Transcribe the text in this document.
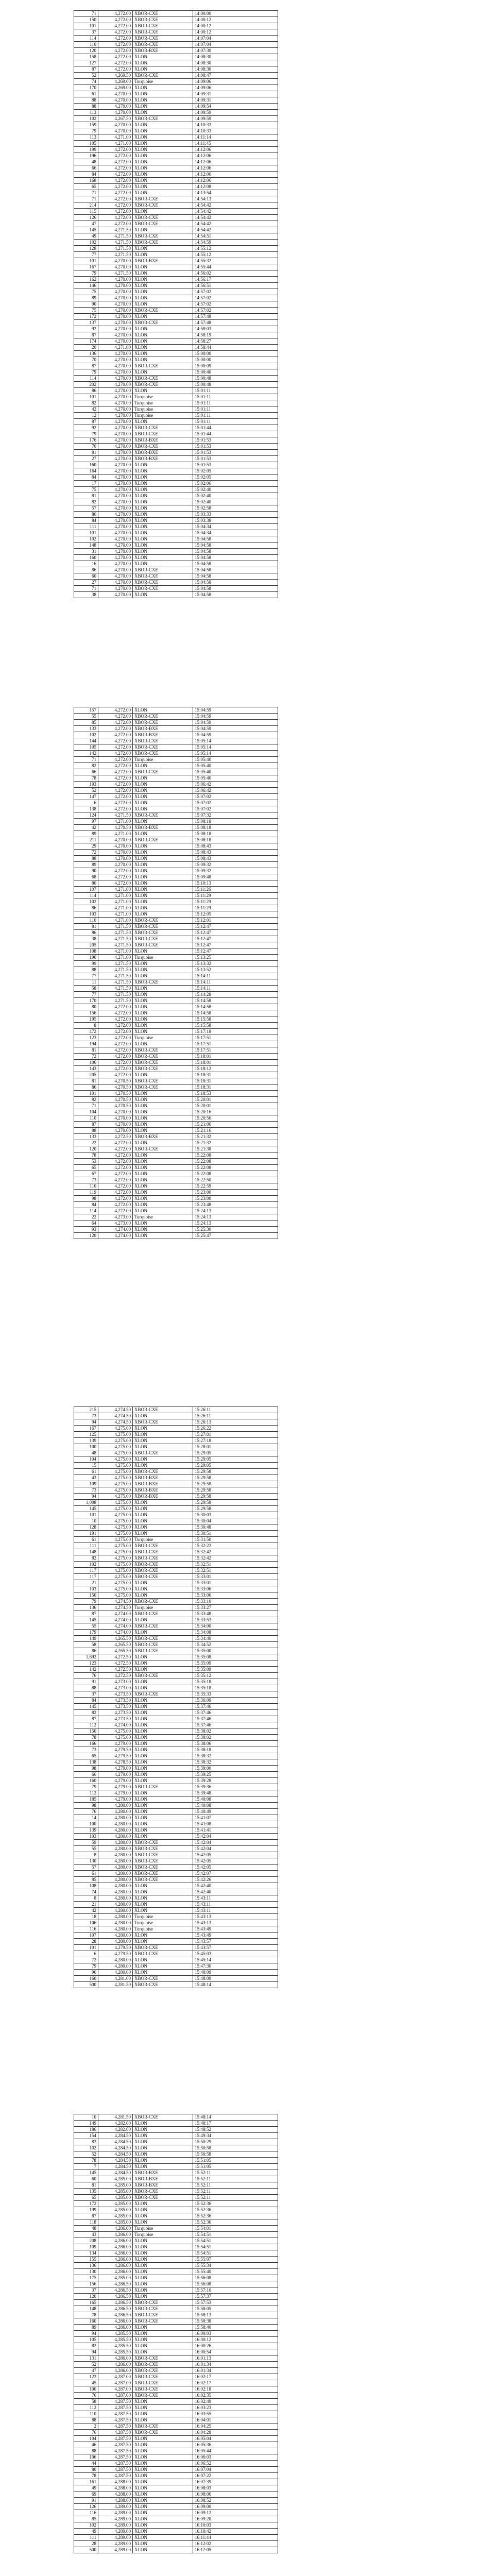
71	4,272.00	XBOR-CXE	14:00:00
150	4,272.00	XBOR-CXE	14:00:12
101	4,272.00	XBOR-CXE	14:00:12
37	4,272.00	XBOR-CXE	14:00:12
114	4,272.00	XBOR-CXE	14:07:04
110	4,272.00	XBOR-CXE	14:07:04
120	4,272.00	XBOR-BXE	14:07:30
158	4,272.00	XLON	14:08:30
127	4,272.00	XLON	14:08:30
87	4,272.00	XLON	14:08:30
52	4,269.50	XBOR-CXE	14:08:47
74	4,269.00	Turquoise	14:09:06
170	4,269.00	XLON	14:09:06
61	4,270.00	XLON	14:09:31
88	4,270.00	XLON	14:09:31
88	4,270.00	XLON	14:09:54
113	4,270.00	XLON	14:09:59
102	4,267.50	XBOR-CXE	14:09:59
159	4,270.00	XLON	14:10:33
79	4,270.00	XLON	14:10:33
113	4,271.00	XLON	14:11:14
105	4,271.00	XLON	14:11:45
199	4,272.00	XLON	14:12:06
196	4,272.00	XLON	14:12:06
48	4,272.00	XLON	14:12:06
66	4,272.00	XLON	14:12:06
84	4,272.00	XLON	14:12:06
168	4,272.00	XLON	14:12:06
65	4,272.00	XLON	14:12:08
71	4,272.00	XLON	14:13:54
71	4,272.00	XBOR-CXE	14:54:13
214	4,272.00	XBOR-CXE	14:54:42
115	4,272.00	XLON	14:54:42
126	4,272.00	XBOR-CXE	14:54:42
47	4,272.00	XBOR-CXE	14:54:42
145	4,271.50	XLON	14:54:42
49	4,271.50	XBOR-CXE	14:54:51
102	4,271.50	XBOR-CXE	14:54:59
128	4,271.50	XLON	14:55:12
77	4,271.50	XLON	14:55:12
101	4,270.00	XBOR-BXE	14:55:32
167	4,270.00	XLON	14:55:44
79	4,271.50	XLON	14:56:02
162	4,270.00	XLON	14:56:17
146	4,270.00	XLON	14:56:51
75	4,270.00	XLON	14:57:02
89	4,270.00	XLON	14:57:02
90	4,270.00	XLON	14:57:02
75	4,270.00	XBOR-CXE	14:57:02
172	4,270.00	XLON	14:57:48
137	4,270.00	XBOR-CXE	14:57:48
92	4,270.00	XLON	14:58:03
87	4,270.00	XLON	14:58:19
174	4,270.00	XLON	14:58:27
20	4,271.00	XLON	14:58:44
136	4,270.00	XLON	15:00:00
70	4,270.00	XLON	15:00:00
87	4,270.00	XBOR-CXE	15:00:09
79	4,270.00	XLON	15:00:40
114	4,270.00	XBOR-CXE	15:00:48
202	4,270.00	XBOR-CXE	15:00:48
86	4,270.00	XLON	15:01:11
101	4,270.00	Turquoise	15:01:11
82	4,270.00	Turquoise	15:01:11
42	4,270.00	Turquoise	15:01:11
12	4,270.00	Turquoise	15:01:11
87	4,270.00	XLON	15:01:11
92	4,270.00	XBOR-CXE	15:01:44
79	4,270.00	XBOR-CXE	15:01:44
176	4,270.00	XBOR-BXE	15:01:53
70	4,270.00	XBOR-CXE	15:01:53
81	4,270.00	XBOR-BXE	15:01:53
27	4,270.00	XBOR-BXE	15:01:53
160	4,270.00	XLON	15:01:53
164	4,270.00	XLON	15:02:05
84	4,270.00	XLON	15:02:05
17	4,270.00	XLON	15:02:06
75	4,270.00	XLON	15:02:40
81	4,270.00	XLON	15:02:40
82	4,270.00	XLON	15:02:40
57	4,270.00	XLON	15:02:58
86	4,270.00	XLON	15:03:33
84	4,270.00	XLON	15:03:38
111	4,270.00	XLON	15:04:34
101	4,270.00	XLON	15:04:34
102	4,270.00	XLON	15:04:58
148	4,270.00	XLON	15:04:58
31	4,270.00	XLON	15:04:58
160	4,270.00	XLON	15:04:58
16	4,270.00	XLON	15:04:58
86	4,270.00	XBOR-CXE	15:04:58
60	4,270.00	XBOR-CXE	15:04:58
27	4,270.00	XBOR-CXE	15:04:58
71	4,270.00	XBOR-CXE	15:04:58
38	4,270.00	XLON	15:04:58
157	4,272.00	XLON	15:04:59
55	4,272.00	XBOR-CXE	15:04:59
85	4,272.00	XBOR-CXE	15:04:59
133	4,272.00	XBOR-BXE	15:04:59
102	4,272.00	XBOR-BXE	15:04:59
144	4,272.00	XBOR-CXE	15:05:14
105	4,272.00	XBOR-CXE	15:05:14
142	4,272.00	XBOR-CXE	15:05:14
71	4,272.00	Turquoise	15:05:40
82	4,272.00	XLON	15:05:40
66	4,272.00	XBOR-CXE	15:05:40
78	4,272.00	XLON	15:05:40
193	4,272.00	XLON	15:06:42
52	4,272.00	XLON	15:06:42
147	4,272.00	XLON	15:07:02
6	4,272.00	XLON	15:07:02
138	4,272.00	XLON	15:07:02
124	4,271.50	XBOR-CXE	15:07:32
97	4,271.00	XLON	15:08:18
42	4,270.50	XBOR-BXE	15:08:18
89	4,271.00	XLON	15:08:18
211	4,270.00	XBOR-CXE	15:08:18
29	4,270.00	XLON	15:08:43
72	4,270.00	XLON	15:08:43
88	4,270.00	XLON	15:08:43
89	4,270.00	XLON	15:09:32
90	4,272.00	XLON	15:09:32
68	4,272.00	XLON	15:09:48
80	4,272.00	XLON	15:10:13
107	4,271.00	XLON	15:11:26
114	4,271.00	XLON	15:11:29
102	4,271.00	XLON	15:11:29
86	4,271.00	XLON	15:11:29
103	4,271.00	XLON	15:12:05
110	4,271.00	XBOR-CXE	15:12:01
81	4,271.50	XBOR-CXE	15:12:47
86	4,271.50	XBOR-CXE	15:12:47
38	4,271.50	XBOR-CXE	15:12:47
205	4,271.50	XBOR-CXE	15:12:47
108	4,271.00	XLON	15:12:47
190	4,271.00	Turquoise	15:13:25
99	4,271.50	XLON	15:13:32
88	4,271.50	XLON	15:13:52
77	4,271.50	XLON	15:14:11
11	4,271.50	XBOR-CXE	15:14:11
58	4,271.50	XLON	15:14:11
77	4,271.50	XLON	15:14:28
170	4,271.50	XLON	15:14:58
80	4,272.00	XLON	15:14:58
156	4,272.00	XLON	15:14:58
195	4,272.00	XLON	15:15:58
8	4,272.00	XLON	15:15:58
472	4,272.00	XLON	15:17:18
123	4,272.00	Turquoise	15:17:51
194	4,272.00	XLON	15:17:51
81	4,272.00	XBOR-CXE	15:17:51
72	4,272.00	XBOR-CXE	15:18:01
106	4,272.00	XBOR-CXE	15:18:01
143	4,272.00	XBOR-CXE	15:18:12
205	4,272.00	XLON	15:18:31
81	4,270.50	XBOR-CXE	15:18:31
86	4,270.50	XBOR-CXE	15:18:31
101	4,270.50	XLON	15:18:53
82	4,270.50	XLON	15:20:01
71	4,270.50	XLON	15:20:01
104	4,270.00	XLON	15:20:16
110	4,270.00	XLON	15:20:56
87	4,270.00	XLON	15:21:06
88	4,270.00	XLON	15:21:16
133	4,272.50	XBOR-BXE	15:21:32
22	4,272.00	XLON	15:21:32
120	4,272.00	XBOR-CXE	15:21:38
78	4,272.00	XLON	15:22:08
53	4,272.00	XLON	15:22:08
65	4,272.00	XLON	15:22:08
67	4,272.00	XLON	15:22:08
73	4,272.00	XLON	15:22:50
110	4,272.00	XLON	15:22:59
119	4,272.00	XLON	15:23:00
98	4,272.00	XLON	15:23:00
84	4,272.00	XLON	15:23:48
114	4,272.00	XLON	15:24:13
22	4,273.00	Turquoise	15:24:13
64	4,273.00	XLON	15:24:13
93	4,274.00	XLON	15:25:30
120	4,274.00	XLON	15:25:47
215	4,274.50	XBOR-CXE	15:26:11
73	4,274.50	XLON	15:26:11
94	4,274.50	XBOR-CXE	15:26:13
167	4,275.00	XLON	15:26:22
125	4,275.00	XLON	15:27:01
139	4,275.00	XLON	15:27:18
100	4,275.00	XLON	15:28:01
48	4,275.00	XBOR-CXE	15:29:05
104	4,275.00	XLON	15:29:05
15	4,275.00	XLON	15:29:05
61	4,275.00	XBOR-CXE	15:29:58
43	4,275.00	XBOR-BXE	15:29:58
109	4,275.00	XBOR-BXE	15:29:58
73	4,275.00	XBOR-BXE	15:29:58
94	4,275.00	XBOR-BXE	15:29:58
1,008	4,275.00	XLON	15:29:58
145	4,275.00	XLON	15:29:58
101	4,275.00	XLON	15:30:03
10	4,275.00	XLON	15:30:04
128	4,275.00	XLON	15:30:48
191	4,275.00	XLON	15:30:51
61	4,275.00	Turquoise	15:31:50
111	4,275.00	XBOR-CXE	15:32:22
148	4,275.00	XBOR-CXE	15:32:42
82	4,275.00	XBOR-CXE	15:32:42
102	4,275.00	XBOR-CXE	15:32:51
117	4,275.00	XBOR-CXE	15:32:51
117	4,275.00	XBOR-CXE	15:33:01
21	4,275.00	XLON	15:33:01
103	4,275.00	XLON	15:33:06
150	4,275.00	XLON	15:33:06
79	4,274.50	XBOR-CXE	15:33:10
136	4,274.50	Turquoise	15:33:27
87	4,274.00	XBOR-CXE	15:33:48
145	4,274.00	XLON	15:33:53
55	4,274.00	XBOR-CXE	15:34:00
179	4,274.00	XLON	15:34:08
149	4,265.50	XBOR-CXE	15:34:40
58	4,265.50	XBOR-CXE	15:34:52
86	4,265.50	XBOR-CXE	15:35:00
1,692	4,272.50	XLON	15:35:08
123	4,272.50	XLON	15:35:09
142	4,272.50	XLON	15:35:09
76	4,272.50	XBOR-CXE	15:35:12
91	4,273.00	XLON	15:35:18
88	4,273.00	XLON	15:35:18
37	4,273.50	XBOR-CXE	15:35:33
84	4,273.50	XLON	15:36:09
145	4,273.50	XLON	15:37:46
82	4,273.50	XLON	15:37:46
87	4,273.50	XLON	15:37:46
112	4,274.00	XLON	15:37:46
150	4,275.00	XLON	15:38:02
78	4,275.00	XLON	15:38:02
166	4,279.00	XLON	15:38:06
73	4,279.50	XLON	15:38:18
65	4,279.50	XLON	15:38:32
138	4,278.50	XLON	15:38:32
98	4,279.00	XLON	15:39:00
66	4,279.00	XLON	15:39:25
160	4,279.00	XLON	15:39:28
79	4,279.00	XBOR-CXE	15:39:36
112	4,279.00	XLON	15:39:48
185	4,279.00	XLON	15:40:08
98	4,280.00	XLON	15:40:08
76	4,280.00	XLON	15:40:49
14	4,280.00	XLON	15:41:07
100	4,280.00	XLON	15:41:08
139	4,280.00	XLON	15:41:41
103	4,280.00	XLON	15:42:04
59	4,280.00	XBOR-CXE	15:42:04
55	4,280.00	XBOR-CXE	15:42:04
8	4,280.00	XBOR-CXE	15:42:05
130	4,280.00	XBOR-CXE	15:42:05
57	4,280.00	XBOR-CXE	15:42:05
61	4,280.00	XBOR-CXE	15:42:07
85	4,280.00	XBOR-CXE	15:42:26
108	4,280.00	XLON	15:42:40
74	4,280.00	XLON	15:42:40
8	4,280.00	XLON	15:43:11
21	4,280.00	XLON	15:43:11
42	4,280.00	XLON	15:43:11
18	4,280.00	Turquoise	15:43:13
106	4,280.00	Turquoise	15:43:13
116	4,280.00	Turquoise	15:43:49
107	4,280.00	XLON	15:43:49
28	4,280.00	XLON	15:43:57
101	4,279.50	XBOR-CXE	15:43:57
6	4,279.50	XBOR-CXE	15:45:03
72	4,280.00	XLON	15:45:14
79	4,280.00	XLON	15:47:30
96	4,280.00	XLON	15:48:09
160	4,281.00	XBOR-CXE	15:48:09
500	4,281.50	XBOR-CXE	15:48:14
10	4,281.50	XBOR-CXE	15:48:14
149	4,282.00	XLON	15:48:17
186	4,282.00	XLON	15:48:52
154	4,284.50	XLON	15:49:34
83	4,284.50	XLON	15:50:29
102	4,284.50	XLON	15:50:58
52	4,284.50	XLON	15:50:58
78	4,284.50	XLON	15:51:05
7	4,284.50	XLON	15:51:05
145	4,284.50	XBOR-BXE	15:52:11
60	4,285.00	XBOR-BXE	15:52:11
81	4,285.00	XBOR-BXE	15:52:11
135	4,285.00	XBOR-CXE	15:52:11
65	4,285.00	XBOR-CXE	15:52:11
172	4,285.00	XLON	15:52:36
199	4,285.00	XLON	15:52:36
87	4,285.00	XLON	15:52:36
118	4,285.00	XLON	15:52:36
48	4,286.00	Turquoise	15:54:01
43	4,286.00	Turquoise	15:54:51
208	4,286.00	XLON	15:54:51
109	4,286.00	XLON	15:54:51
134	4,286.00	XLON	15:54:51
155	4,286.00	XLON	15:55:07
136	4,286.00	XLON	15:55:34
130	4,286.00	XLON	15:55:40
175	4,285.00	XLON	15:56:08
156	4,286.50	XLON	15:56:08
37	4,286.50	XLON	15:57:10
120	4,286.50	XLON	15:57:37
165	4,286.50	XBOR-CXE	15:57:53
148	4,286.50	XBOR-CXE	15:58:05
78	4,286.50	XBOR-CXE	15:58:13
160	4,286.00	XBOR-CXE	15:58:38
89	4,286.00	XLON	15:58:40
94	4,285.50	XLON	16:00:03
105	4,285.50	XLON	16:00:12
82	4,285.50	XLON	16:00:26
94	4,285.50	XLON	16:00:54
131	4,286.00	XBOR-CXE	16:01:13
52	4,286.00	XBOR-CXE	16:01:34
47	4,286.00	XBOR-CXE	16:01:34
123	4,287.00	XBOR-CXE	16:02:17
45	4,287.00	XBOR-CXE	16:02:17
100	4,287.00	XBOR-CXE	16:02:18
76	4,287.00	XBOR-CXE	16:02:35
58	4,287.50	XLON	16:02:49
112	4,287.50	XLON	16:03:23
110	4,287.50	XLON	16:03:55
88	4,287.50	XLON	16:04:01
2	4,287.50	XBOR-CXE	16:04:25
76	4,287.50	XBOR-CXE	16:04:28
104	4,287.50	XLON	16:05:04
46	4,287.50	XLON	16:05:36
88	4,287.50	XLON	16:05:44
106	4,287.50	XLON	16:06:03
44	4,287.50	XLON	16:06:52
80	4,287.50	XLON	16:07:04
78	4,287.50	XLON	16:07:22
161	4,288.00	XLON	16:07:39
49	4,288.00	XLON	16:08:03
69	4,288.00	XLON	16:08:06
91	4,288.00	XLON	16:08:52
126	4,289.00	XLON	16:09:00
116	4,289.00	XLON	16:09:12
85	4,289.00	XLON	16:09:20
102	4,289.00	XLON	16:10:03
49	4,289.00	XLON	16:10:42
111	4,289.00	XLON	16:11:44
28	4,289.00	XLON	16:12:02
500	4,289.00	XLON	16:12:05
